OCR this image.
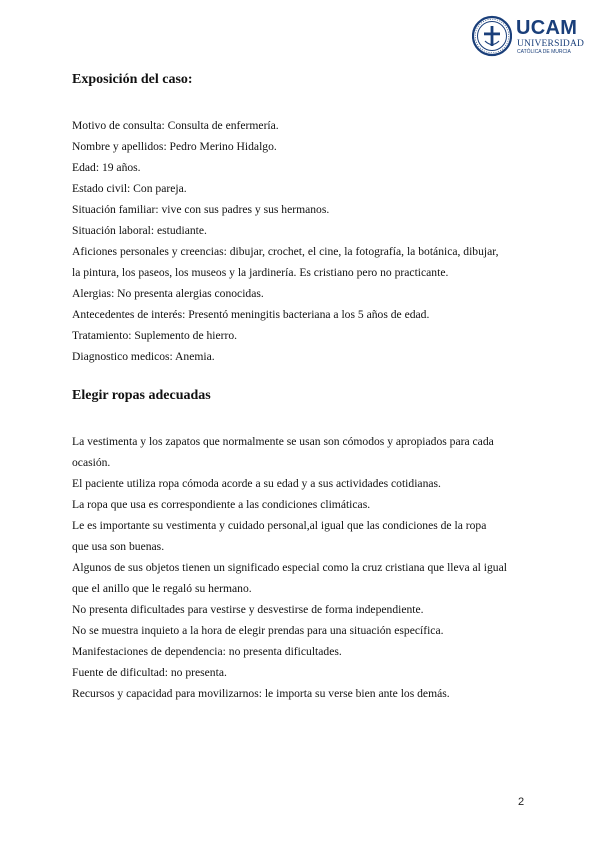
UCAM
UNIVERSIDAD
CATÓLICA DE MURCIA
Exposición del caso:
Motivo de consulta: Consulta de enfermería.
Nombre y apellidos: Pedro Merino Hidalgo.
Edad: 19 años.
Estado civil: Con pareja.
Situación familiar: vive con sus padres y sus hermanos.
Situación laboral: estudiante.
Aficiones personales y creencias: dibujar, crochet, el cine, la fotografía, la botánica, dibujar,
la pintura, los paseos, los museos y la jardinería. Es cristiano pero no practicante.
Alergias: No presenta alergias conocidas.
Antecedentes de interés: Presentó meningitis bacteriana a los 5 años de edad.
Tratamiento: Suplemento de hierro.
Diagnostico medicos: Anemia.
Elegir ropas adecuadas
La vestimenta y los zapatos que normalmente se usan son cómodos y apropiados para cada
ocasión.
El paciente utiliza ropa cómoda acorde a su edad y a sus actividades cotidianas.
La ropa que usa es correspondiente a las condiciones climáticas.
Le es importante su vestimenta y cuidado personal,al igual que las condiciones de la ropa
que usa son buenas.
Algunos de sus objetos tienen un significado especial como la cruz cristiana que lleva al igual
que el anillo que le regaló su hermano.
No presenta dificultades para vestirse y desvestirse de forma independiente.
No se muestra inquieto a la hora de elegir prendas para una situación específica.
Manifestaciones de dependencia: no presenta dificultades.
Fuente de dificultad: no presenta.
Recursos y capacidad para movilizarnos: le importa su verse bien ante los demás.
2
